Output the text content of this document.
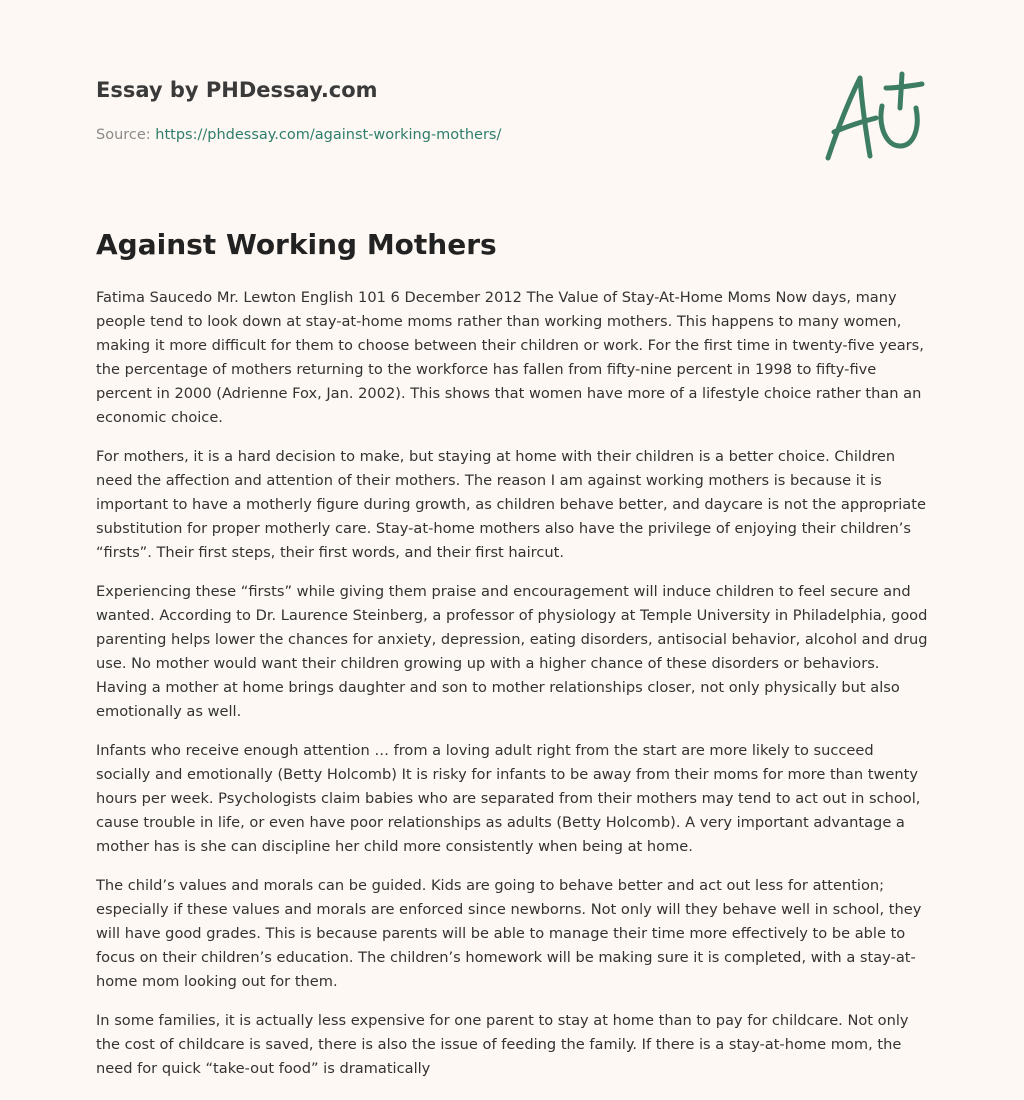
Essay by PHDessay.com
Source: https://phdessay.com/against-working-mothers/
Against Working Mothers

Fatima Saucedo Mr. Lewton English 101 6 December 2012 The Value of Stay-At-Home Moms Now days, many people tend to look down at stay-at-home moms rather than working mothers. This happens to many women, making it more difficult for them to choose between their children or work. For the first time in twenty-five years, the percentage of mothers returning to the workforce has fallen from fifty-nine percent in 1998 to fifty-five percent in 2000 (Adrienne Fox, Jan. 2002). This shows that women have more of a lifestyle choice rather than an economic choice.

For mothers, it is a hard decision to make, but staying at home with their children is a better choice. Children need the affection and attention of their mothers. The reason I am against working mothers is because it is important to have a motherly figure during growth, as children behave better, and daycare is not the appropriate substitution for proper motherly care. Stay-at-home mothers also have the privilege of enjoying their children’s “firsts”. Their first steps, their first words, and their first haircut.

Experiencing these “firsts” while giving them praise and encouragement will induce children to feel secure and wanted. According to Dr. Laurence Steinberg, a professor of physiology at Temple University in Philadelphia, good parenting helps lower the chances for anxiety, depression, eating disorders, antisocial behavior, alcohol and drug use. No mother would want their children growing up with a higher chance of these disorders or behaviors. Having a mother at home brings daughter and son to mother relationships closer, not only physically but also emotionally as well.

Infants who receive enough attention … from a loving adult right from the start are more likely to succeed socially and emotionally (Betty Holcomb) It is risky for infants to be away from their moms for more than twenty hours per week. Psychologists claim babies who are separated from their mothers may tend to act out in school, cause trouble in life, or even have poor relationships as adults (Betty Holcomb). A very important advantage a mother has is she can discipline her child more consistently when being at home.

The child’s values and morals can be guided. Kids are going to behave better and act out less for attention; especially if these values and morals are enforced since newborns. Not only will they behave well in school, they will have good grades. This is because parents will be able to manage their time more effectively to be able to focus on their children’s education. The children’s homework will be making sure it is completed, with a stay-at-home mom looking out for them.

In some families, it is actually less expensive for one parent to stay at home than to pay for childcare. Not only the cost of childcare is saved, there is also the issue of feeding the family. If there is a stay-at-home mom, the need for quick “take-out food” is dramatically
